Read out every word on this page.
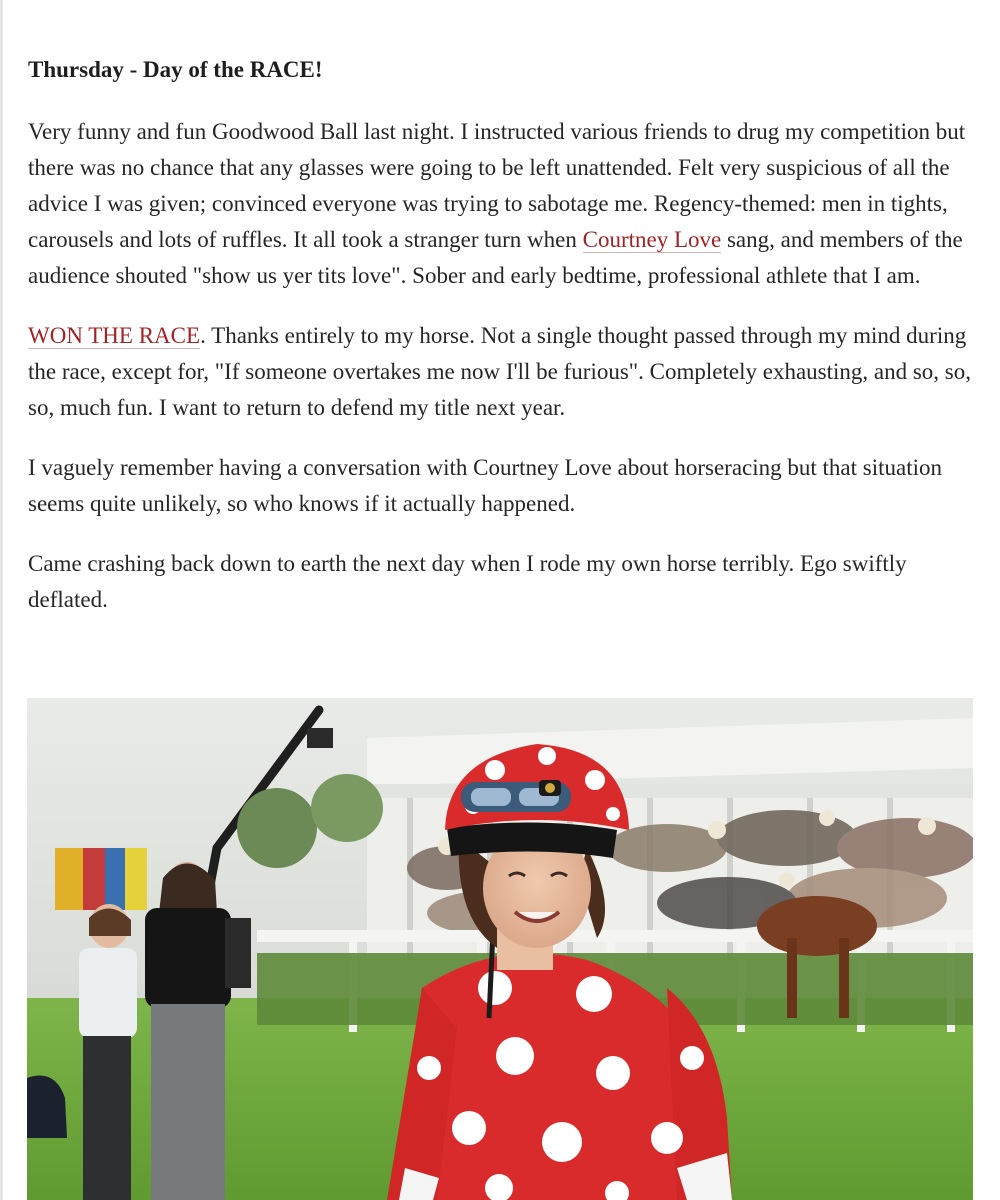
Thursday - Day of the RACE!

Very funny and fun Goodwood Ball last night. I instructed various friends to drug my competition but there was no chance that any glasses were going to be left unattended. Felt very suspicious of all the advice I was given; convinced everyone was trying to sabotage me. Regency-themed: men in tights, carousels and lots of ruffles. It all took a stranger turn when Courtney Love sang, and members of the audience shouted "show us yer tits love". Sober and early bedtime, professional athlete that I am.

WON THE RACE. Thanks entirely to my horse. Not a single thought passed through my mind during the race, except for, "If someone overtakes me now I'll be furious". Completely exhausting, and so, so, so, much fun. I want to return to defend my title next year.

I vaguely remember having a conversation with Courtney Love about horseracing but that situation seems quite unlikely, so who knows if it actually happened.

Came crashing back down to earth the next day when I rode my own horse terribly. Ego swiftly deflated.
